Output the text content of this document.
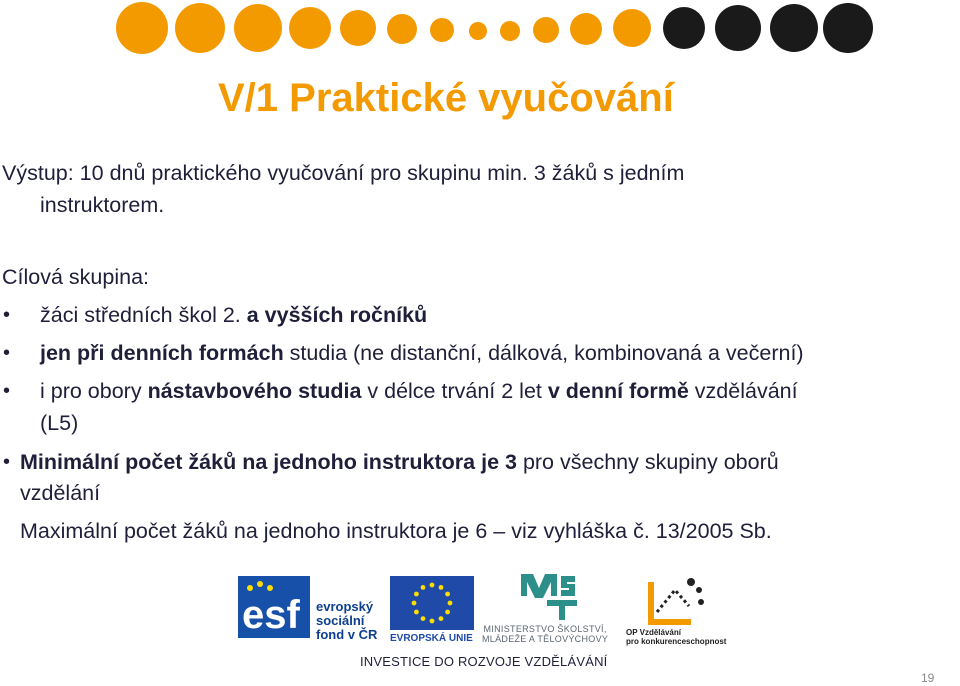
V/1 Praktické vyučování
Výstup: 10 dnů praktického vyučování pro skupinu min. 3 žáků s jedním
instruktorem.
Cílová skupina:
• žáci středních škol 2. a vyšších ročníků
• jen při denních formách studia (ne distanční, dálková, kombinovaná a večerní)
• i pro obory nástavbového studia v délce trvání 2 let v denní formě vzdělávání
(L5)
• Minimální počet žáků na jednoho instruktora je 3 pro všechny skupiny oborů
vzdělání
Maximální počet žáků na jednoho instruktora je 6 – viz vyhláška č. 13/2005 Sb.
esf evropský
sociální
fond v ČR EVROPSKÁ UNIE
MINISTERSTVO ŠKOLSTVÍ,
MLÁDEŽE A TĚLOVÝCHOVY
OP Vzdělávání
pro konkurenceschopnost
INVESTICE DO ROZVOJE VZDĚLÁVÁNÍ
19
